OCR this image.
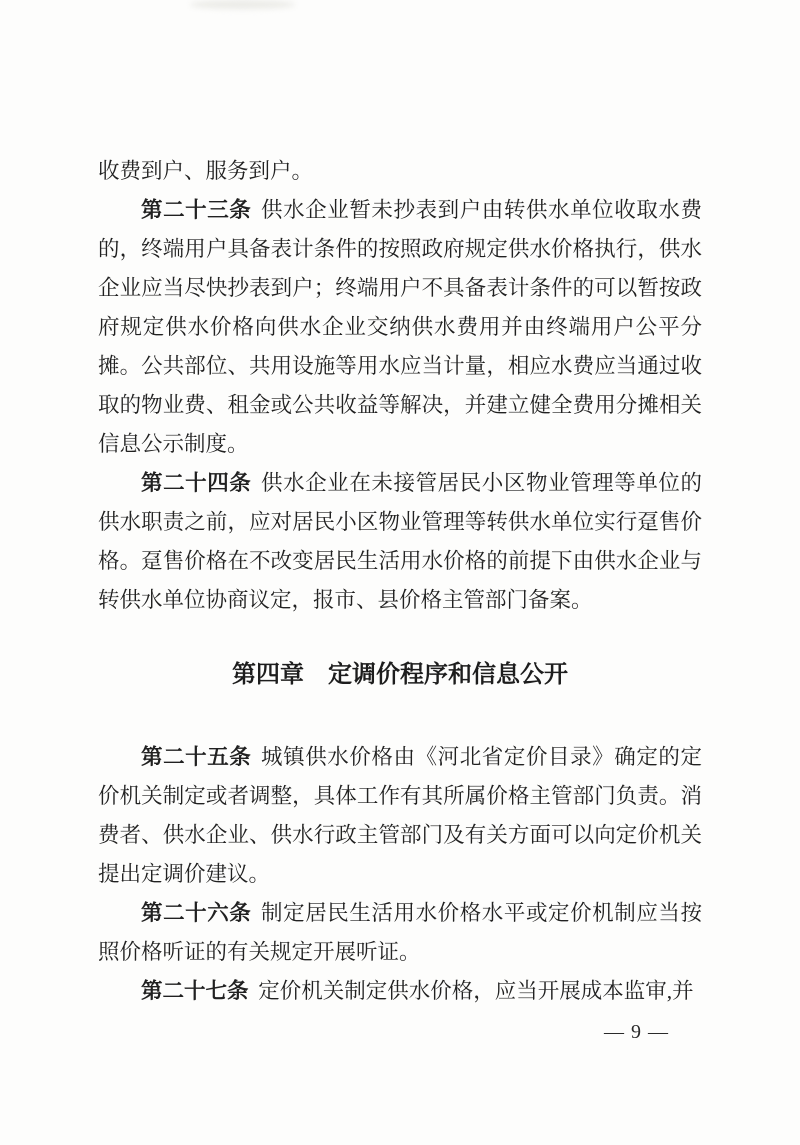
收费到户、服务到户。

第二十三条 供水企业暂未抄表到户由转供水单位收取水费的，终端用户具备表计条件的按照政府规定供水价格执行，供水企业应当尽快抄表到户；终端用户不具备表计条件的可以暂按政府规定供水价格向供水企业交纳供水费用并由终端用户公平分摊。公共部位、共用设施等用水应当计量，相应水费应当通过收取的物业费、租金或公共收益等解决，并建立健全费用分摊相关信息公示制度。

第二十四条 供水企业在未接管居民小区物业管理等单位的供水职责之前，应对居民小区物业管理等转供水单位实行趸售价格。趸售价格在不改变居民生活用水价格的前提下由供水企业与转供水单位协商议定，报市、县价格主管部门备案。

第四章　定调价程序和信息公开

第二十五条 城镇供水价格由《河北省定价目录》确定的定价机关制定或者调整，具体工作有其所属价格主管部门负责。消费者、供水企业、供水行政主管部门及有关方面可以向定价机关提出定调价建议。

第二十六条 制定居民生活用水价格水平或定价机制应当按照价格听证的有关规定开展听证。

第二十七条 定价机关制定供水价格，应当开展成本监审,并

— 9 —
